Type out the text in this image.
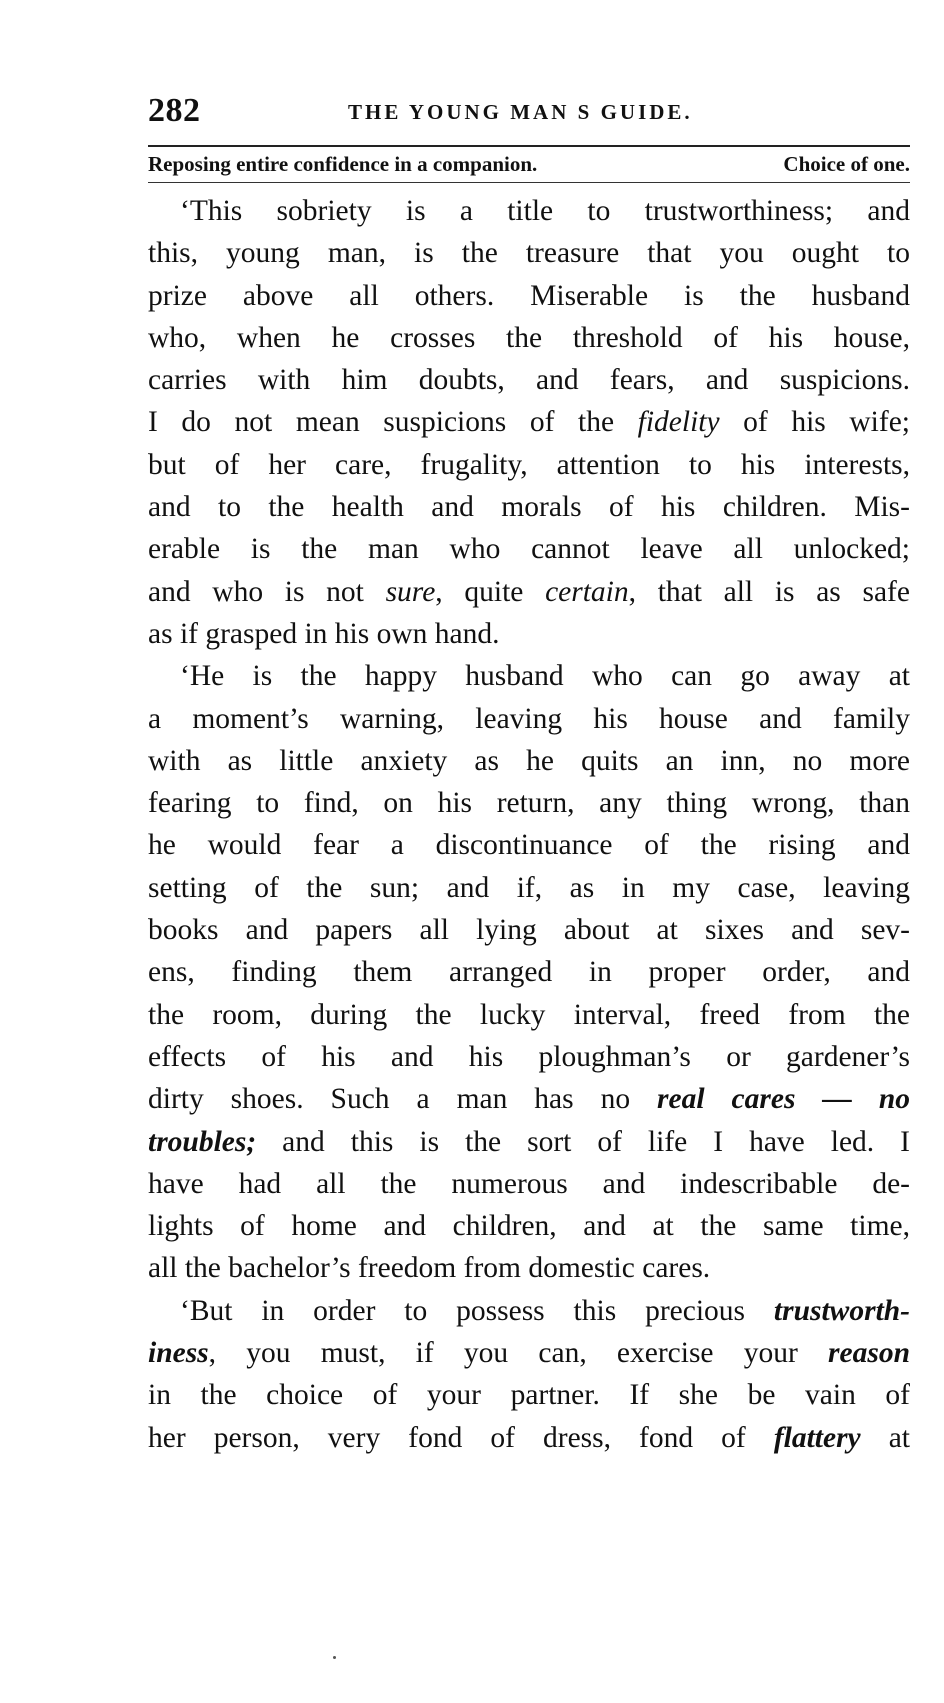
282	THE YOUNG MAN S GUIDE.
Reposing entire confidence in a companion.	Choice of one.
‘This sobriety is a title to trustworthiness; and
this, young man, is the treasure that you ought to
prize above all others. Miserable is the husband
who, when he crosses the threshold of his house,
carries with him doubts, and fears, and suspicions.
I do not mean suspicions of the fidelity of his wife;
but of her care, frugality, attention to his interests,
and to the health and morals of his children. Mis-
erable is the man who cannot leave all unlocked;
and who is not sure, quite certain, that all is as safe
as if grasped in his own hand.
‘He is the happy husband who can go away at
a moment’s warning, leaving his house and family
with as little anxiety as he quits an inn, no more
fearing to find, on his return, any thing wrong, than
he would fear a discontinuance of the rising and
setting of the sun; and if, as in my case, leaving
books and papers all lying about at sixes and sev-
ens, finding them arranged in proper order, and
the room, during the lucky interval, freed from the
effects of his and his ploughman’s or gardener’s
dirty shoes. Such a man has no real cares — no
troubles; and this is the sort of life I have led. I
have had all the numerous and indescribable de-
lights of home and children, and at the same time,
all the bachelor’s freedom from domestic cares.
‘But in order to possess this precious trustworth-
iness, you must, if you can, exercise your reason
in the choice of your partner. If she be vain of
her person, very fond of dress, fond of flattery at
